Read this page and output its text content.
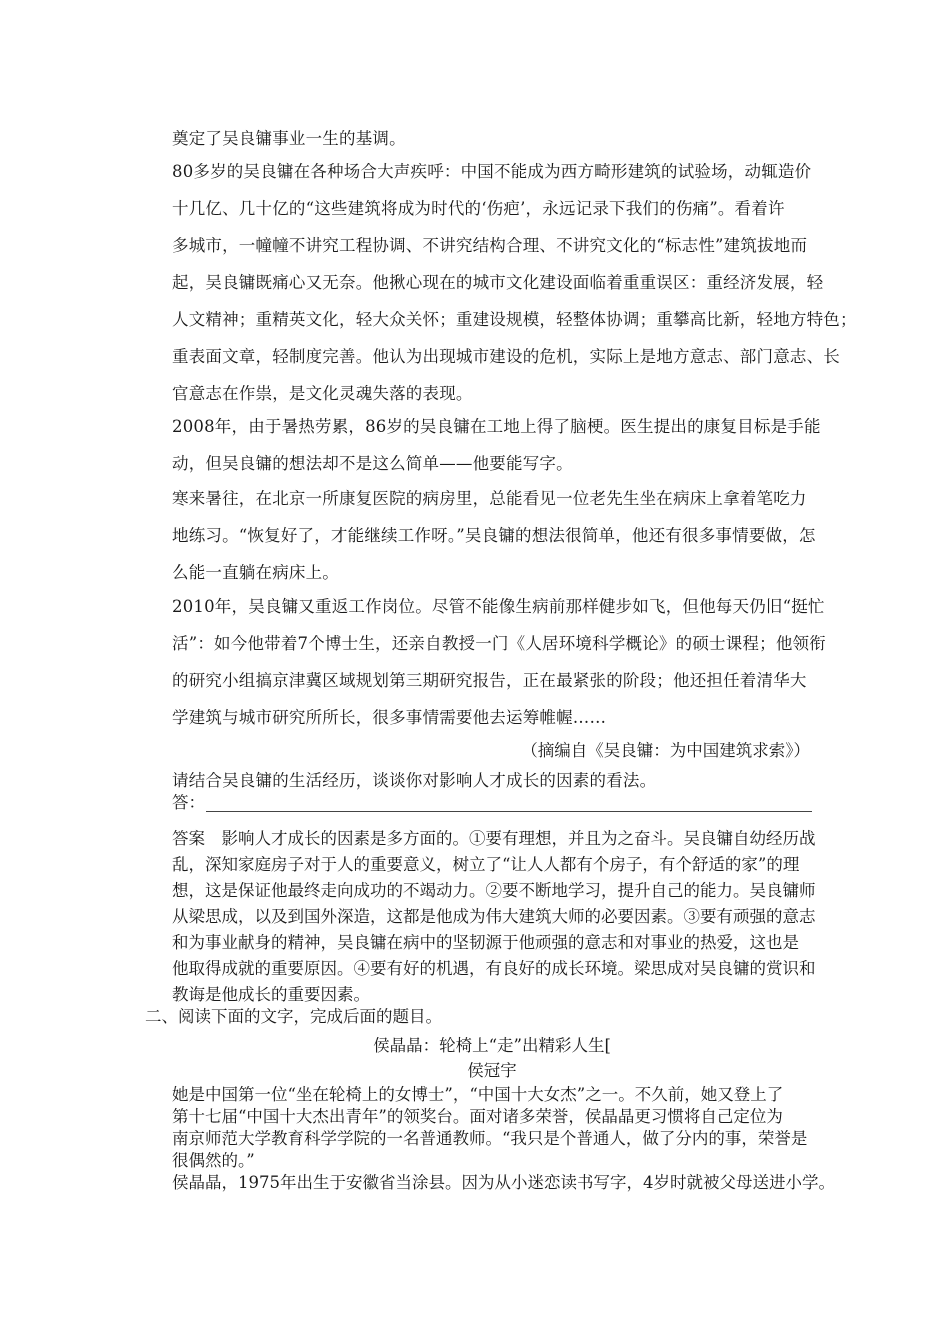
奠定了吴良镛事业一生的基调。
80多岁的吴良镛在各种场合大声疾呼：中国不能成为西方畸形建筑的试验场，动辄造价
十几亿、几十亿的“这些建筑将成为时代的‘伤疤’，永远记录下我们的伤痛”。看着许
多城市，一幢幢不讲究工程协调、不讲究结构合理、不讲究文化的“标志性”建筑拔地而
起，吴良镛既痛心又无奈。他揪心现在的城市文化建设面临着重重误区：重经济发展，轻
人文精神；重精英文化，轻大众关怀；重建设规模，轻整体协调；重攀高比新，轻地方特色；
重表面文章，轻制度完善。他认为出现城市建设的危机，实际上是地方意志、部门意志、长
官意志在作祟，是文化灵魂失落的表现。
2008年，由于暑热劳累，86岁的吴良镛在工地上得了脑梗。医生提出的康复目标是手能
动，但吴良镛的想法却不是这么简单——他要能写字。
寒来暑往，在北京一所康复医院的病房里，总能看见一位老先生坐在病床上拿着笔吃力
地练习。“恢复好了，才能继续工作呀。”吴良镛的想法很简单，他还有很多事情要做，怎
么能一直躺在病床上。
2010年，吴良镛又重返工作岗位。尽管不能像生病前那样健步如飞，但他每天仍旧“挺忙
活”：如今他带着7个博士生，还亲自教授一门《人居环境科学概论》的硕士课程；他领衔
的研究小组搞京津冀区域规划第三期研究报告，正在最紧张的阶段；他还担任着清华大
学建筑与城市研究所所长，很多事情需要他去运筹帷幄……
（摘编自《吴良镛：为中国建筑求索》）
请结合吴良镛的生活经历，谈谈你对影响人才成长的因素的看法。
答：
答案　影响人才成长的因素是多方面的。①要有理想，并且为之奋斗。吴良镛自幼经历战
乱，深知家庭房子对于人的重要意义，树立了“让人人都有个房子，有个舒适的家”的理
想，这是保证他最终走向成功的不竭动力。②要不断地学习，提升自己的能力。吴良镛师
从梁思成，以及到国外深造，这都是他成为伟大建筑大师的必要因素。③要有顽强的意志
和为事业献身的精神，吴良镛在病中的坚韧源于他顽强的意志和对事业的热爱，这也是
他取得成就的重要原因。④要有好的机遇，有良好的成长环境。梁思成对吴良镛的赏识和
教诲是他成长的重要因素。
二、阅读下面的文字，完成后面的题目。
侯晶晶：轮椅上“走”出精彩人生[
侯冠宇
她是中国第一位“坐在轮椅上的女博士”，“中国十大女杰”之一。不久前，她又登上了
第十七届“中国十大杰出青年”的领奖台。面对诸多荣誉，侯晶晶更习惯将自己定位为
南京师范大学教育科学学院的一名普通教师。“我只是个普通人，做了分内的事，荣誉是
很偶然的。”
侯晶晶，1975年出生于安徽省当涂县。因为从小迷恋读书写字，4岁时就被父母送进小学。
